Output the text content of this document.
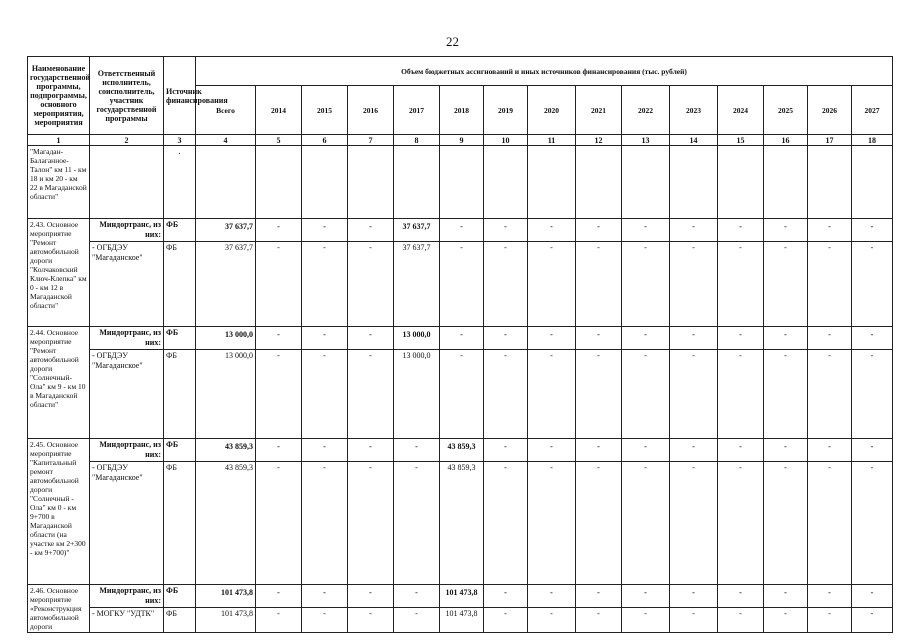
22
Наименование государственной программы, подпрограммы, основного мероприятия, мероприятия	Ответственный исполнитель, соисполнитель, участник государственной программы	Источник финансирования	Объем бюджетных ассигнований и иных источников финансирования (тыс. рублей)														
			Всего	2014	2015	2016	2017	2018	2019	2020	2021	2022	2023	2024	2025	2026	2027
1	2	3	4	5	6	7	8	9	10	11	12	13	14	15	16	17	18
"Магадан-Балаганное-Талон" км 11 - км 18 и км 20 - км 22 в Магаданской области"		.															
2.43. Основное мероприятие "Ремонт автомобильной дороги "Колчаковский Ключ-Клепка" км 0 - км 12 в Магаданской области"	Миндортранс, из них:	ФБ	37 637,7	-	-	-	37 637,7	-	-	-	-	-	-	-	-	-	-
	- ОГБДЭУ "Магаданское"	ФБ	37 637,7	-	-	-	37 637,7	-	-	-	-	-	-	-	-	-	-
2.44. Основное мероприятие "Ремонт автомобильной дороги "Солнечный-Ола" км 9 - км 10 в Магаданской области"	Миндортранс, из них:	ФБ	13 000,0	-	-	-	13 000,0	-	-	-	-	-	-	-	-	-	-
	- ОГБДЭУ "Магаданское"	ФБ	13 000,0	-	-	-	13 000,0	-	-	-	-	-	-	-	-	-	-
2.45. Основное мероприятие "Капитальный ремонт автомобильной дороги "Солнечный - Ола" км 0 - км 9+700 в Магаданской области (на участке км 2+300 - км 9+700)"	Миндортранс, из них:	ФБ	43 859,3	-	-	-	-	43 859,3	-	-	-	-	-	-	-	-	-
	- ОГБДЭУ "Магаданское"	ФБ	43 859,3	-	-	-	-	43 859,3	-	-	-	-	-	-	-	-	-
2.46. Основное мероприятие «Реконструкция автомобильной дороги	Миндортранс, из них:	ФБ	101 473,8	-	-	-	-	101 473,8	-	-	-	-	-	-	-	-	-
	- МОГКУ "УДТК"	ФБ	101 473,8	-	-	-	-	101 473,8	-	-	-	-	-	-	-	-	-
